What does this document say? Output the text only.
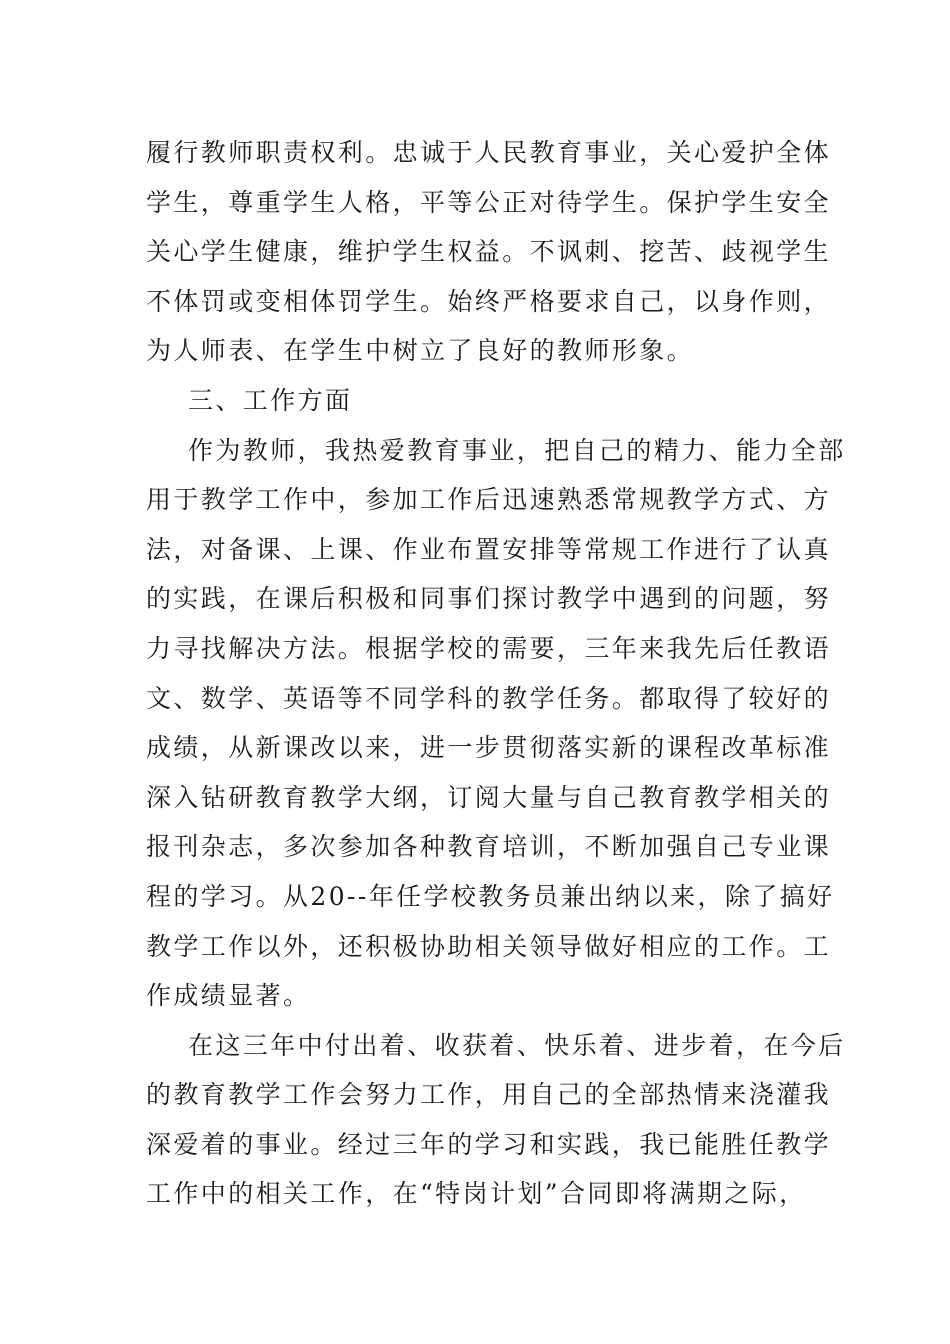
履行教师职责权利。忠诚于人民教育事业，关心爱护全体
学生，尊重学生人格，平等公正对待学生。保护学生安全
关心学生健康，维护学生权益。不讽刺、挖苦、歧视学生
不体罚或变相体罚学生。始终严格要求自己，以身作则，
为人师表、在学生中树立了良好的教师形象。
三、工作方面
作为教师，我热爱教育事业，把自己的精力、能力全部
用于教学工作中，参加工作后迅速熟悉常规教学方式、方
法，对备课、上课、作业布置安排等常规工作进行了认真
的实践，在课后积极和同事们探讨教学中遇到的问题，努
力寻找解决方法。根据学校的需要，三年来我先后任教语
文、数学、英语等不同学科的教学任务。都取得了较好的
成绩，从新课改以来，进一步贯彻落实新的课程改革标准
深入钻研教育教学大纲，订阅大量与自己教育教学相关的
报刊杂志，多次参加各种教育培训，不断加强自己专业课
程的学习。从20--年任学校教务员兼出纳以来，除了搞好
教学工作以外，还积极协助相关领导做好相应的工作。工
作成绩显著。
在这三年中付出着、收获着、快乐着、进步着，在今后
的教育教学工作会努力工作，用自己的全部热情来浇灌我
深爱着的事业。经过三年的学习和实践，我已能胜任教学
工作中的相关工作，在“特岗计划”合同即将满期之际，
